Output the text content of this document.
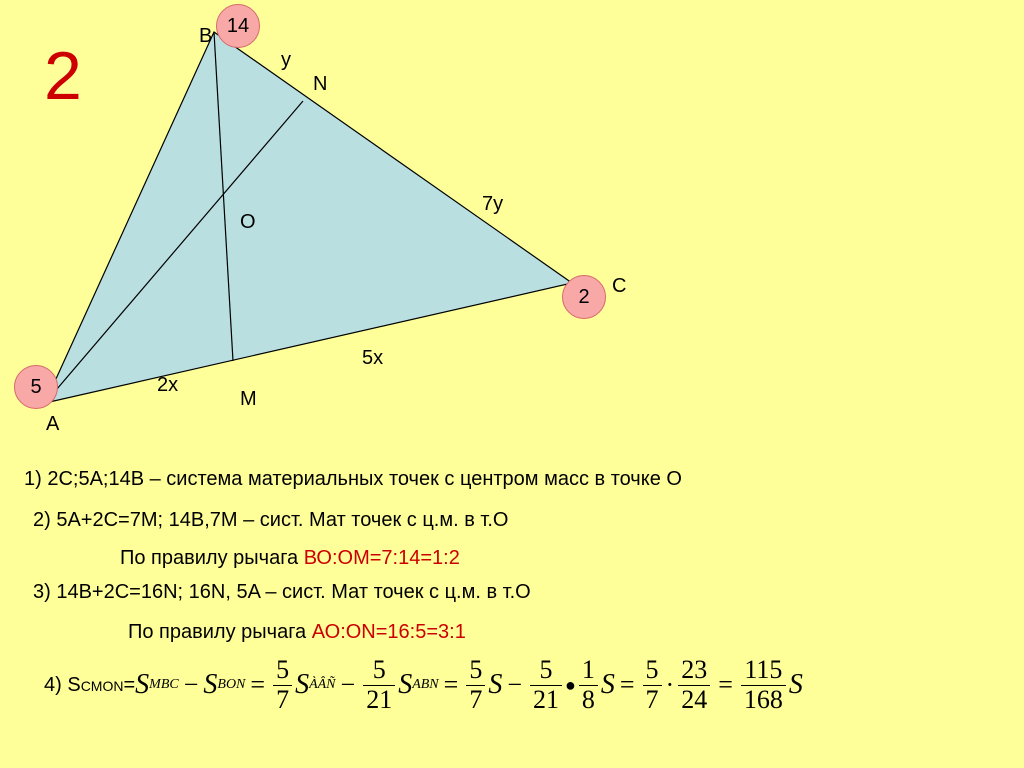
2
14
2
5
B
C
A
N
M
O
y
7y
5x
2x
1) 2С;5А;14В – система материальных точек с центром масс в точке О
2) 5А+2С=7М; 14В,7М – сист. Мат точек с ц.м. в т.О
По правилу рычага ВО:ОМ=7:14=1:2
3) 14В+2С=16N; 16N, 5A – сист. Мат точек с ц.м. в т.О
По правилу рычага АО:ОN=16:5=3:1
4) SCMON= S MBC − S BON = $\frac{5}{7}$ S ÀÂÑ − $\frac{5}{21}$ S ABN = $\frac{5}{7}$ $S - \frac{5}{21}$ ● $\frac{1}{8}$ $S = \frac{5}{7} \cdot \frac{23}{24} = \frac{115}{168}$ S
